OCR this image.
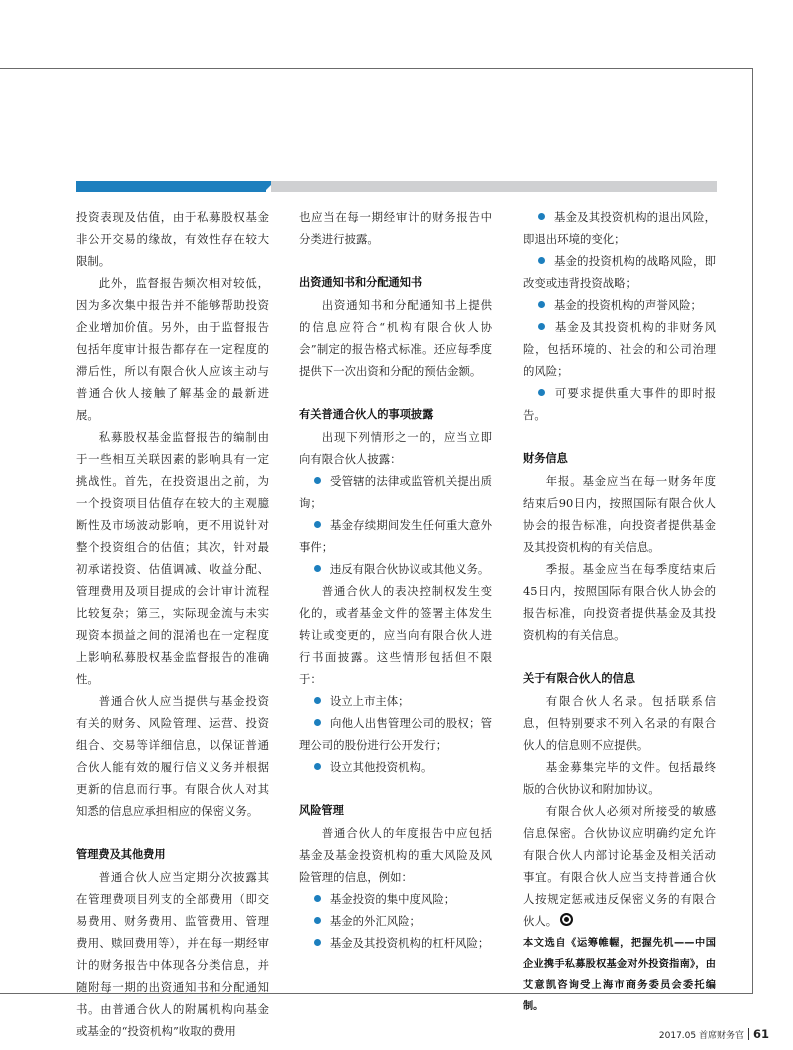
投资表现及估值，由于私募股权基金非公开交易的缘故，有效性存在较大限制。

此外，监督报告频次相对较低，因为多次集中报告并不能够帮助投资企业增加价值。另外，由于监督报告包括年度审计报告都存在一定程度的滞后性，所以有限合伙人应该主动与普通合伙人接触了解基金的最新进展。

私募股权基金监督报告的编制由于一些相互关联因素的影响具有一定挑战性。首先，在投资退出之前，为一个投资项目估值存在较大的主观臆断性及市场波动影响，更不用说针对整个投资组合的估值；其次，针对最初承诺投资、估值调减、收益分配、管理费用及项目提成的会计审计流程比较复杂；第三，实际现金流与未实现资本损益之间的混淆也在一定程度上影响私募股权基金监督报告的准确性。

普通合伙人应当提供与基金投资有关的财务、风险管理、运营、投资组合、交易等详细信息，以保证普通合伙人能有效的履行信义义务并根据更新的信息而行事。有限合伙人对其知悉的信息应承担相应的保密义务。

管理费及其他费用

普通合伙人应当定期分次披露其在管理费项目列支的全部费用（即交易费用、财务费用、监管费用、管理费用、赎回费用等），并在每一期经审计的财务报告中体现各分类信息，并随附每一期的出资通知书和分配通知书。由普通合伙人的附属机构向基金或基金的“投资机构”收取的费用

也应当在每一期经审计的财务报告中分类进行披露。

出资通知书和分配通知书

出资通知书和分配通知书上提供的信息应符合“机构有限合伙人协会”制定的报告格式标准。还应每季度提供下一次出资和分配的预估金额。

有关普通合伙人的事项披露

出现下列情形之一的，应当立即向有限合伙人披露：

受管辖的法律或监管机关提出质询；

基金存续期间发生任何重大意外事件；

违反有限合伙协议或其他义务。

普通合伙人的表决控制权发生变化的，或者基金文件的签署主体发生转让或变更的，应当向有限合伙人进行书面披露。这些情形包括但不限于：

设立上市主体；

向他人出售管理公司的股权；管理公司的股份进行公开发行；

设立其他投资机构。

风险管理

普通合伙人的年度报告中应包括基金及基金投资机构的重大风险及风险管理的信息，例如：

基金投资的集中度风险；

基金的外汇风险；

基金及其投资机构的杠杆风险；

基金及其投资机构的退出风险，即退出环境的变化；

基金的投资机构的战略风险，即改变或违背投资战略；

基金的投资机构的声誉风险；

基金及其投资机构的非财务风险，包括环境的、社会的和公司治理的风险；

可要求提供重大事件的即时报告。

财务信息

年报。基金应当在每一财务年度结束后90日内，按照国际有限合伙人协会的报告标准，向投资者提供基金及其投资机构的有关信息。

季报。基金应当在每季度结束后45日内，按照国际有限合伙人协会的报告标准，向投资者提供基金及其投资机构的有关信息。

关于有限合伙人的信息

有限合伙人名录。包括联系信息，但特别要求不列入名录的有限合伙人的信息则不应提供。

基金募集完毕的文件。包括最终版的合伙协议和附加协议。

有限合伙人必须对所接受的敏感信息保密。合伙协议应明确约定允许有限合伙人内部讨论基金及相关活动事宜。有限合伙人应当支持普通合伙人按规定惩戒违反保密义务的有限合伙人。

本文选自《运筹帷幄，把握先机——中国企业携手私募股权基金对外投资指南》，由艾意凯咨询受上海市商务委员会委托编制。
2017.05 首席财务官 61
